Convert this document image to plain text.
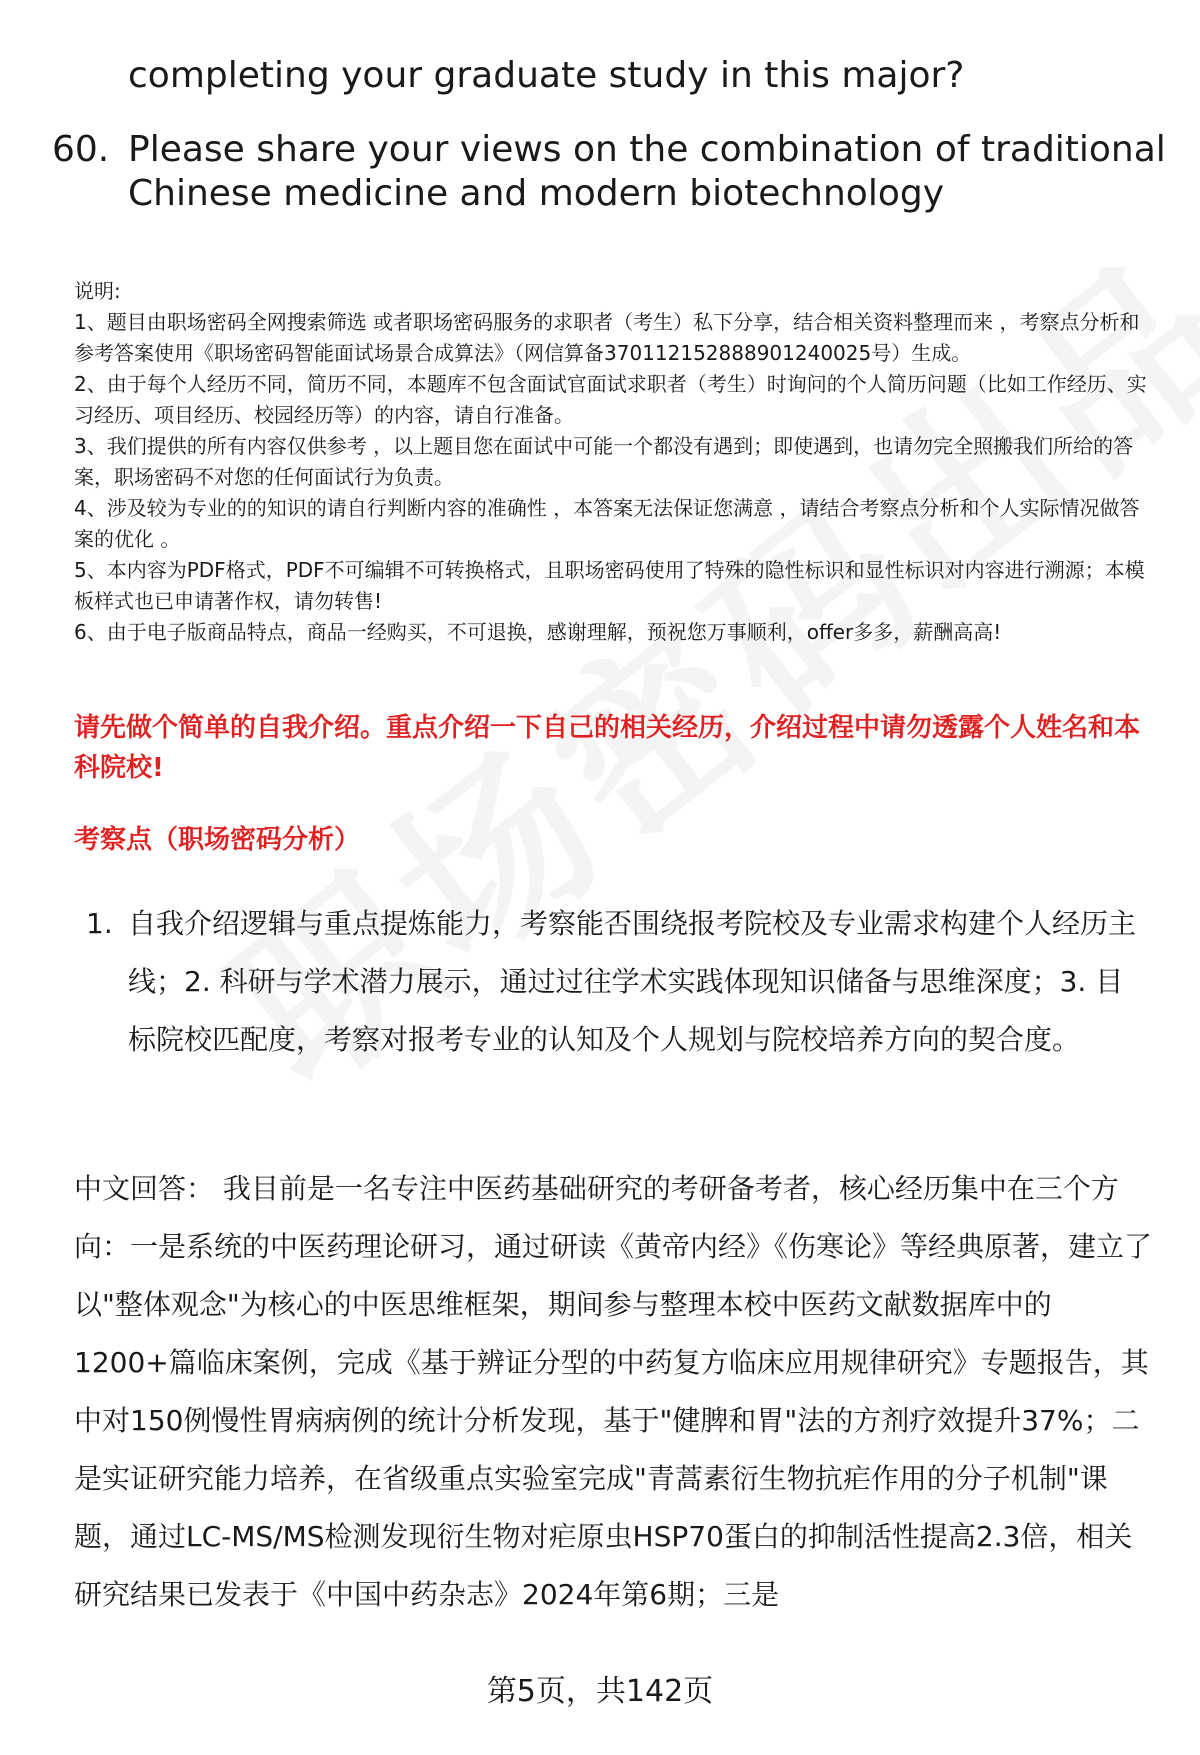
completing your graduate study in this major?
60. Please share your views on the combination of traditional
Chinese medicine and modern biotechnology

说明:

1、题目由职场密码全网搜索筛选 或者职场密码服务的求职者（考生）私下分享，结合相关资料整理而来 ，考察点分析和参考答案使用《职场密码智能面试场景合成算法》（网信算备370112152888901240025号）生成。

2、由于每个人经历不同，简历不同，本题库不包含面试官面试求职者（考生）时询问的个人简历问题（比如工作经历、实习经历、项目经历、校园经历等）的内容，请自行准备。

3、我们提供的所有内容仅供参考 ，以上题目您在面试中可能一个都没有遇到；即使遇到，也请勿完全照搬我们所给的答案，职场密码不对您的任何面试行为负责。

4、涉及较为专业的的知识的请自行判断内容的准确性 ，本答案无法保证您满意 ，请结合考察点分析和个人实际情况做答案的优化 。

5、本内容为PDF格式，PDF不可编辑不可转换格式，且职场密码使用了特殊的隐性标识和显性标识对内容进行溯源；本模板样式也已申请著作权，请勿转售!

6、由于电子版商品特点，商品一经购买，不可退换，感谢理解，预祝您万事顺利，offer多多，薪酬高高!

请先做个简单的自我介绍。重点介绍一下自己的相关经历，介绍过程中请勿透露个人姓名和本科院校!
考察点（职场密码分析）
1. 自我介绍逻辑与重点提炼能力，考察能否围绕报考院校及专业需求构建个人经历主线；2. 科研与学术潜力展示，通过过往学术实践体现知识储备与思维深度；3. 目标院校匹配度，考察对报考专业的认知及个人规划与院校培养方向的契合度。
中文回答： 我目前是一名专注中医药基础研究的考研备考者，核心经历集中在三个方向：一是系统的中医药理论研习，通过研读《黄帝内经》《伤寒论》等经典原著，建立了以"整体观念"为核心的中医思维框架，期间参与整理本校中医药文献数据库中的1200+篇临床案例，完成《基于辨证分型的中药复方临床应用规律研究》专题报告，其中对150例慢性胃病病例的统计分析发现，基于"健脾和胃"法的方剂疗效提升37%；二是实证研究能力培养，在省级重点实验室完成"青蒿素衍生物抗疟作用的分子机制"课题，通过LC-MS/MS检测发现衍生物对疟原虫HSP70蛋白的抑制活性提高2.3倍，相关研究结果已发表于《中国中药杂志》2024年第6期；三是
第5页，共142页
